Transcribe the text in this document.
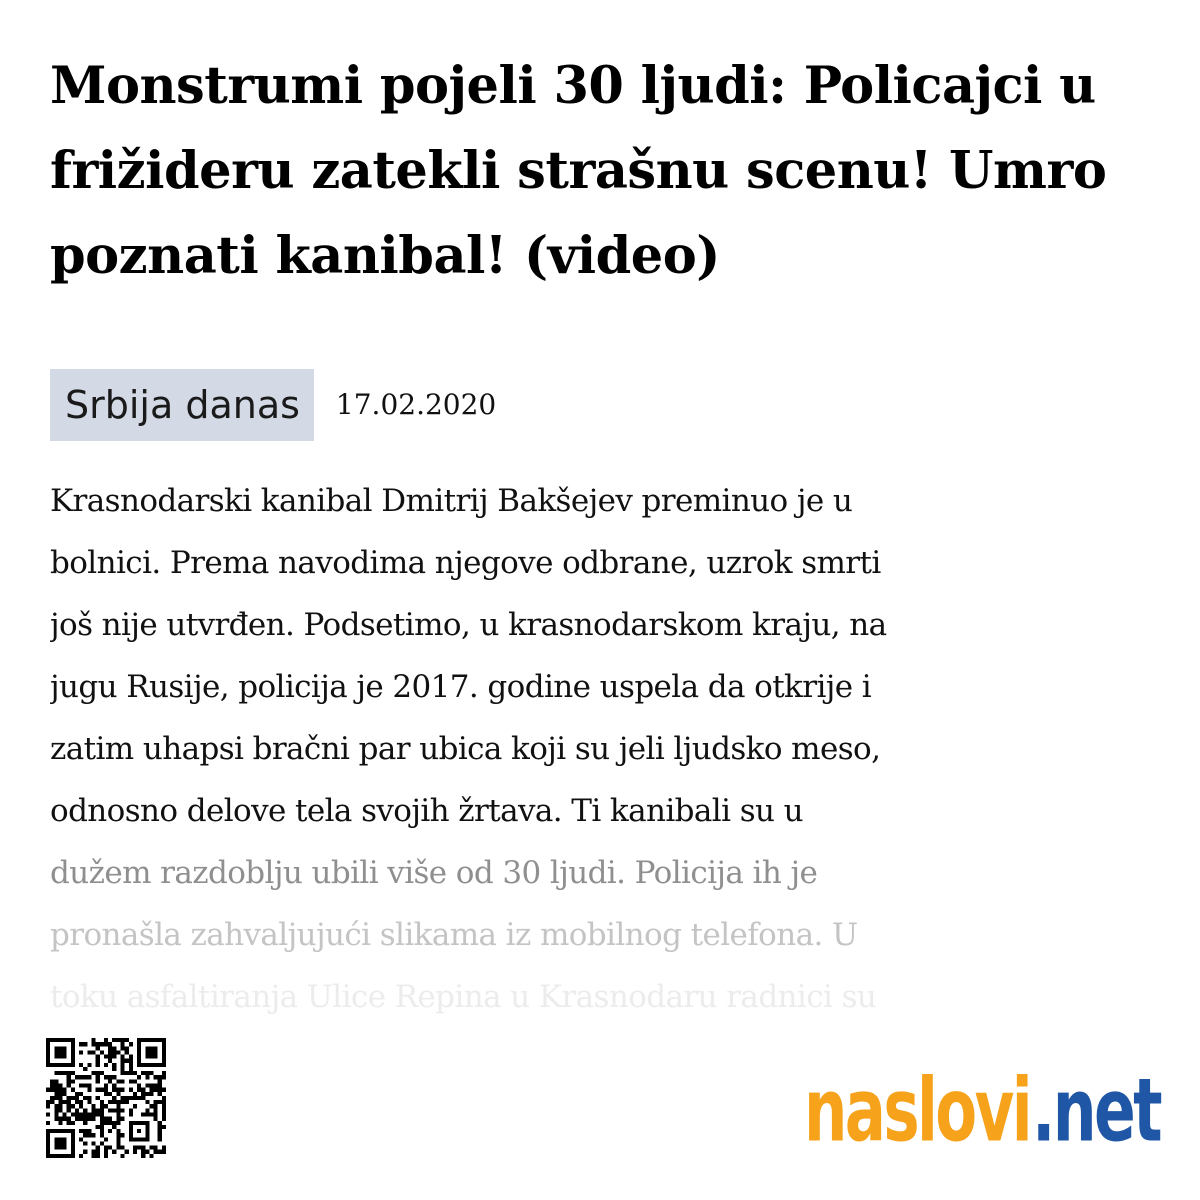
Monstrumi pojeli 30 ljudi: Policajci u frižideru zatekli strašnu scenu! Umro poznati kanibal! (video)
Srbija danas	17.02.2020
Krasnodarski kanibal Dmitrij Bakšejev preminuo je u
bolnici. Prema navodima njegove odbrane, uzrok smrti
još nije utvrđen. Podsetimo, u krasnodarskom kraju, na
jugu Rusije, policija je 2017. godine uspela da otkrije i
zatim uhapsi bračni par ubica koji su jeli ljudsko meso,
odnosno delove tela svojih žrtava. Ti kanibali su u
dužem razdoblju ubili više od 30 ljudi. Policija ih je
pronašla zahvaljujući slikama iz mobilnog telefona. U
toku asfaltiranja Ulice Repina u Krasnodaru radnici su
naslovi .net
